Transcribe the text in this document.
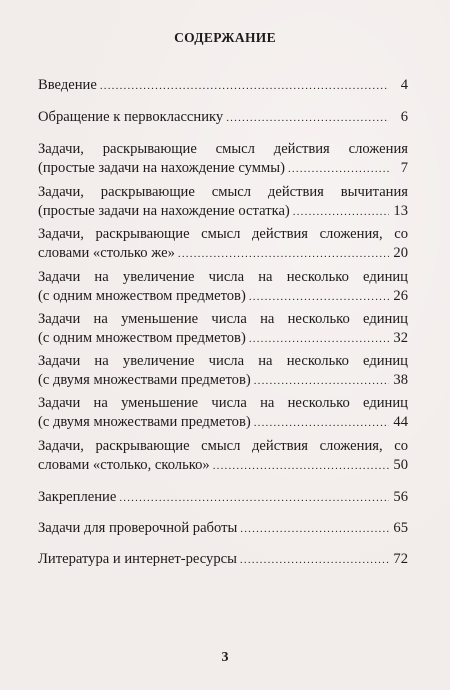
СОДЕРЖАНИЕ
Введение .....	4
Обращение к первокласснику .....	6
Задачи, раскрывающие смысл действия сложения
(простые задачи на нахождение суммы) .....	7
Задачи, раскрывающие смысл действия вычитания
(простые задачи на нахождение остатка) .....	13
Задачи, раскрывающие смысл действия сложения, со
словами «столько же» .....	20
Задачи на увеличение числа на несколько единиц
(с одним множеством предметов) .....	26
Задачи на уменьшение числа на несколько единиц
(с одним множеством предметов) .....	32
Задачи на увеличение числа на несколько единиц
(с двумя множествами предметов) .....	38
Задачи на уменьшение числа на несколько единиц
(с двумя множествами предметов) .....	44
Задачи, раскрывающие смысл действия сложения, со
словами «столько, сколько» .....	50
Закрепление .....	56
Задачи для проверочной работы .....	65
Литература и интернет-ресурсы .....	72
3
